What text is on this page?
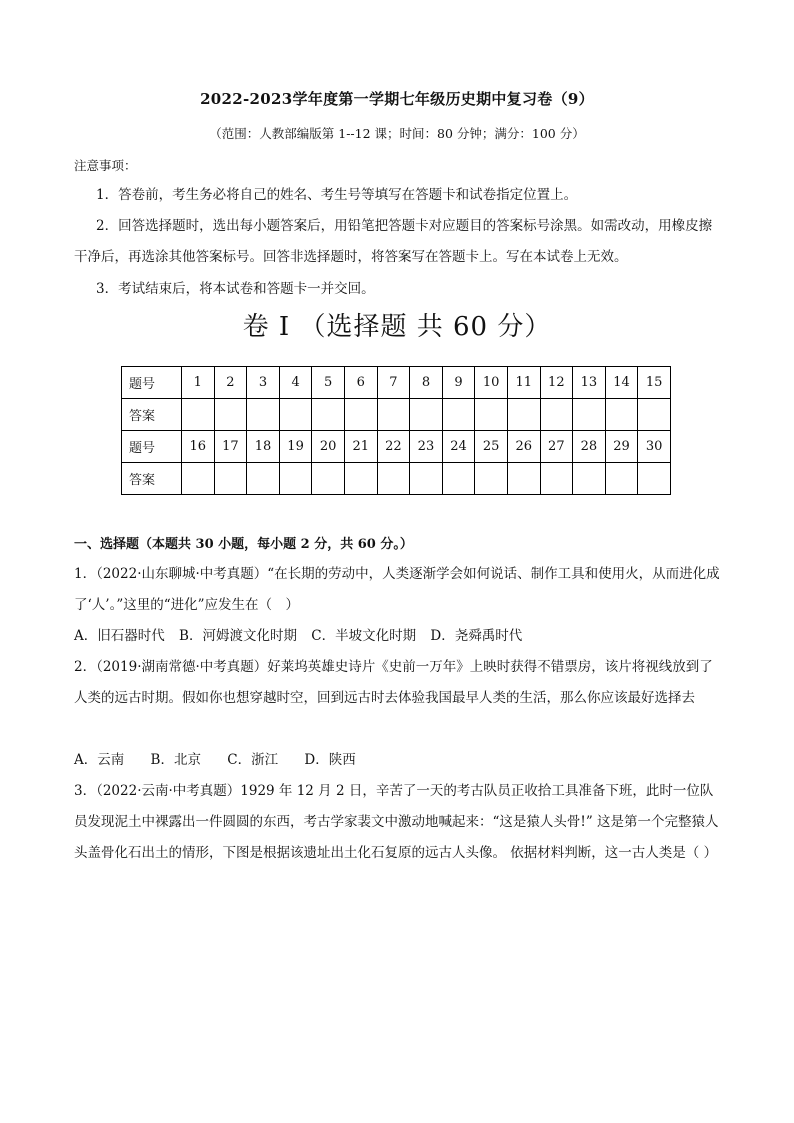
2022-2023学年度第一学期七年级历史期中复习卷（9）
（范围：人教部编版第 1--12 课；时间：80 分钟；满分：100 分）
注意事项：
1．答卷前，考生务必将自己的姓名、考生号等填写在答题卡和试卷指定位置上。
2．回答选择题时，选出每小题答案后，用铅笔把答题卡对应题目的答案标号涂黑。如需改动，用橡皮擦干净后，再选涂其他答案标号。回答非选择题时，将答案写在答题卡上。写在本试卷上无效。
3．考试结束后，将本试卷和答题卡一并交回。
卷 I （选择题 共 60 分）
题号	1	2	3	4	5	6	7	8	9	10	11	12	13	14	15
答案															
题号	16	17	18	19	20	21	22	23	24	25	26	27	28	29	30
答案															
一、选择题（本题共 30 小题，每小题 2 分，共 60 分。）
1．（2022·山东聊城·中考真题）“在长期的劳动中，人类逐渐学会如何说话、制作工具和使用火，从而进化成了‘人’。”这里的“进化”应发生在（　）
A．旧石器时代 B．河姆渡文化时期 C．半坡文化时期 D．尧舜禹时代
2．（2019·湖南常德·中考真题）好莱坞英雄史诗片《史前一万年》上映时获得不错票房，该片将视线放到了人类的远古时期。假如你也想穿越时空，回到远古时去体验我国最早人类的生活，那么你应该最好选择去
A．云南 B．北京 C．浙江 D．陕西
3．（2022·云南·中考真题）1929 年 12 月 2 日，辛苦了一天的考古队员正收拾工具准备下班，此时一位队员发现泥土中裸露出一件圆圆的东西，考古学家裴文中激动地喊起来：“这是猿人头骨!” 这是第一个完整猿人头盖骨化石出土的情形，下图是根据该遗址出土化石复原的远古人头像。 依据材料判断，这一古人类是（ ）
